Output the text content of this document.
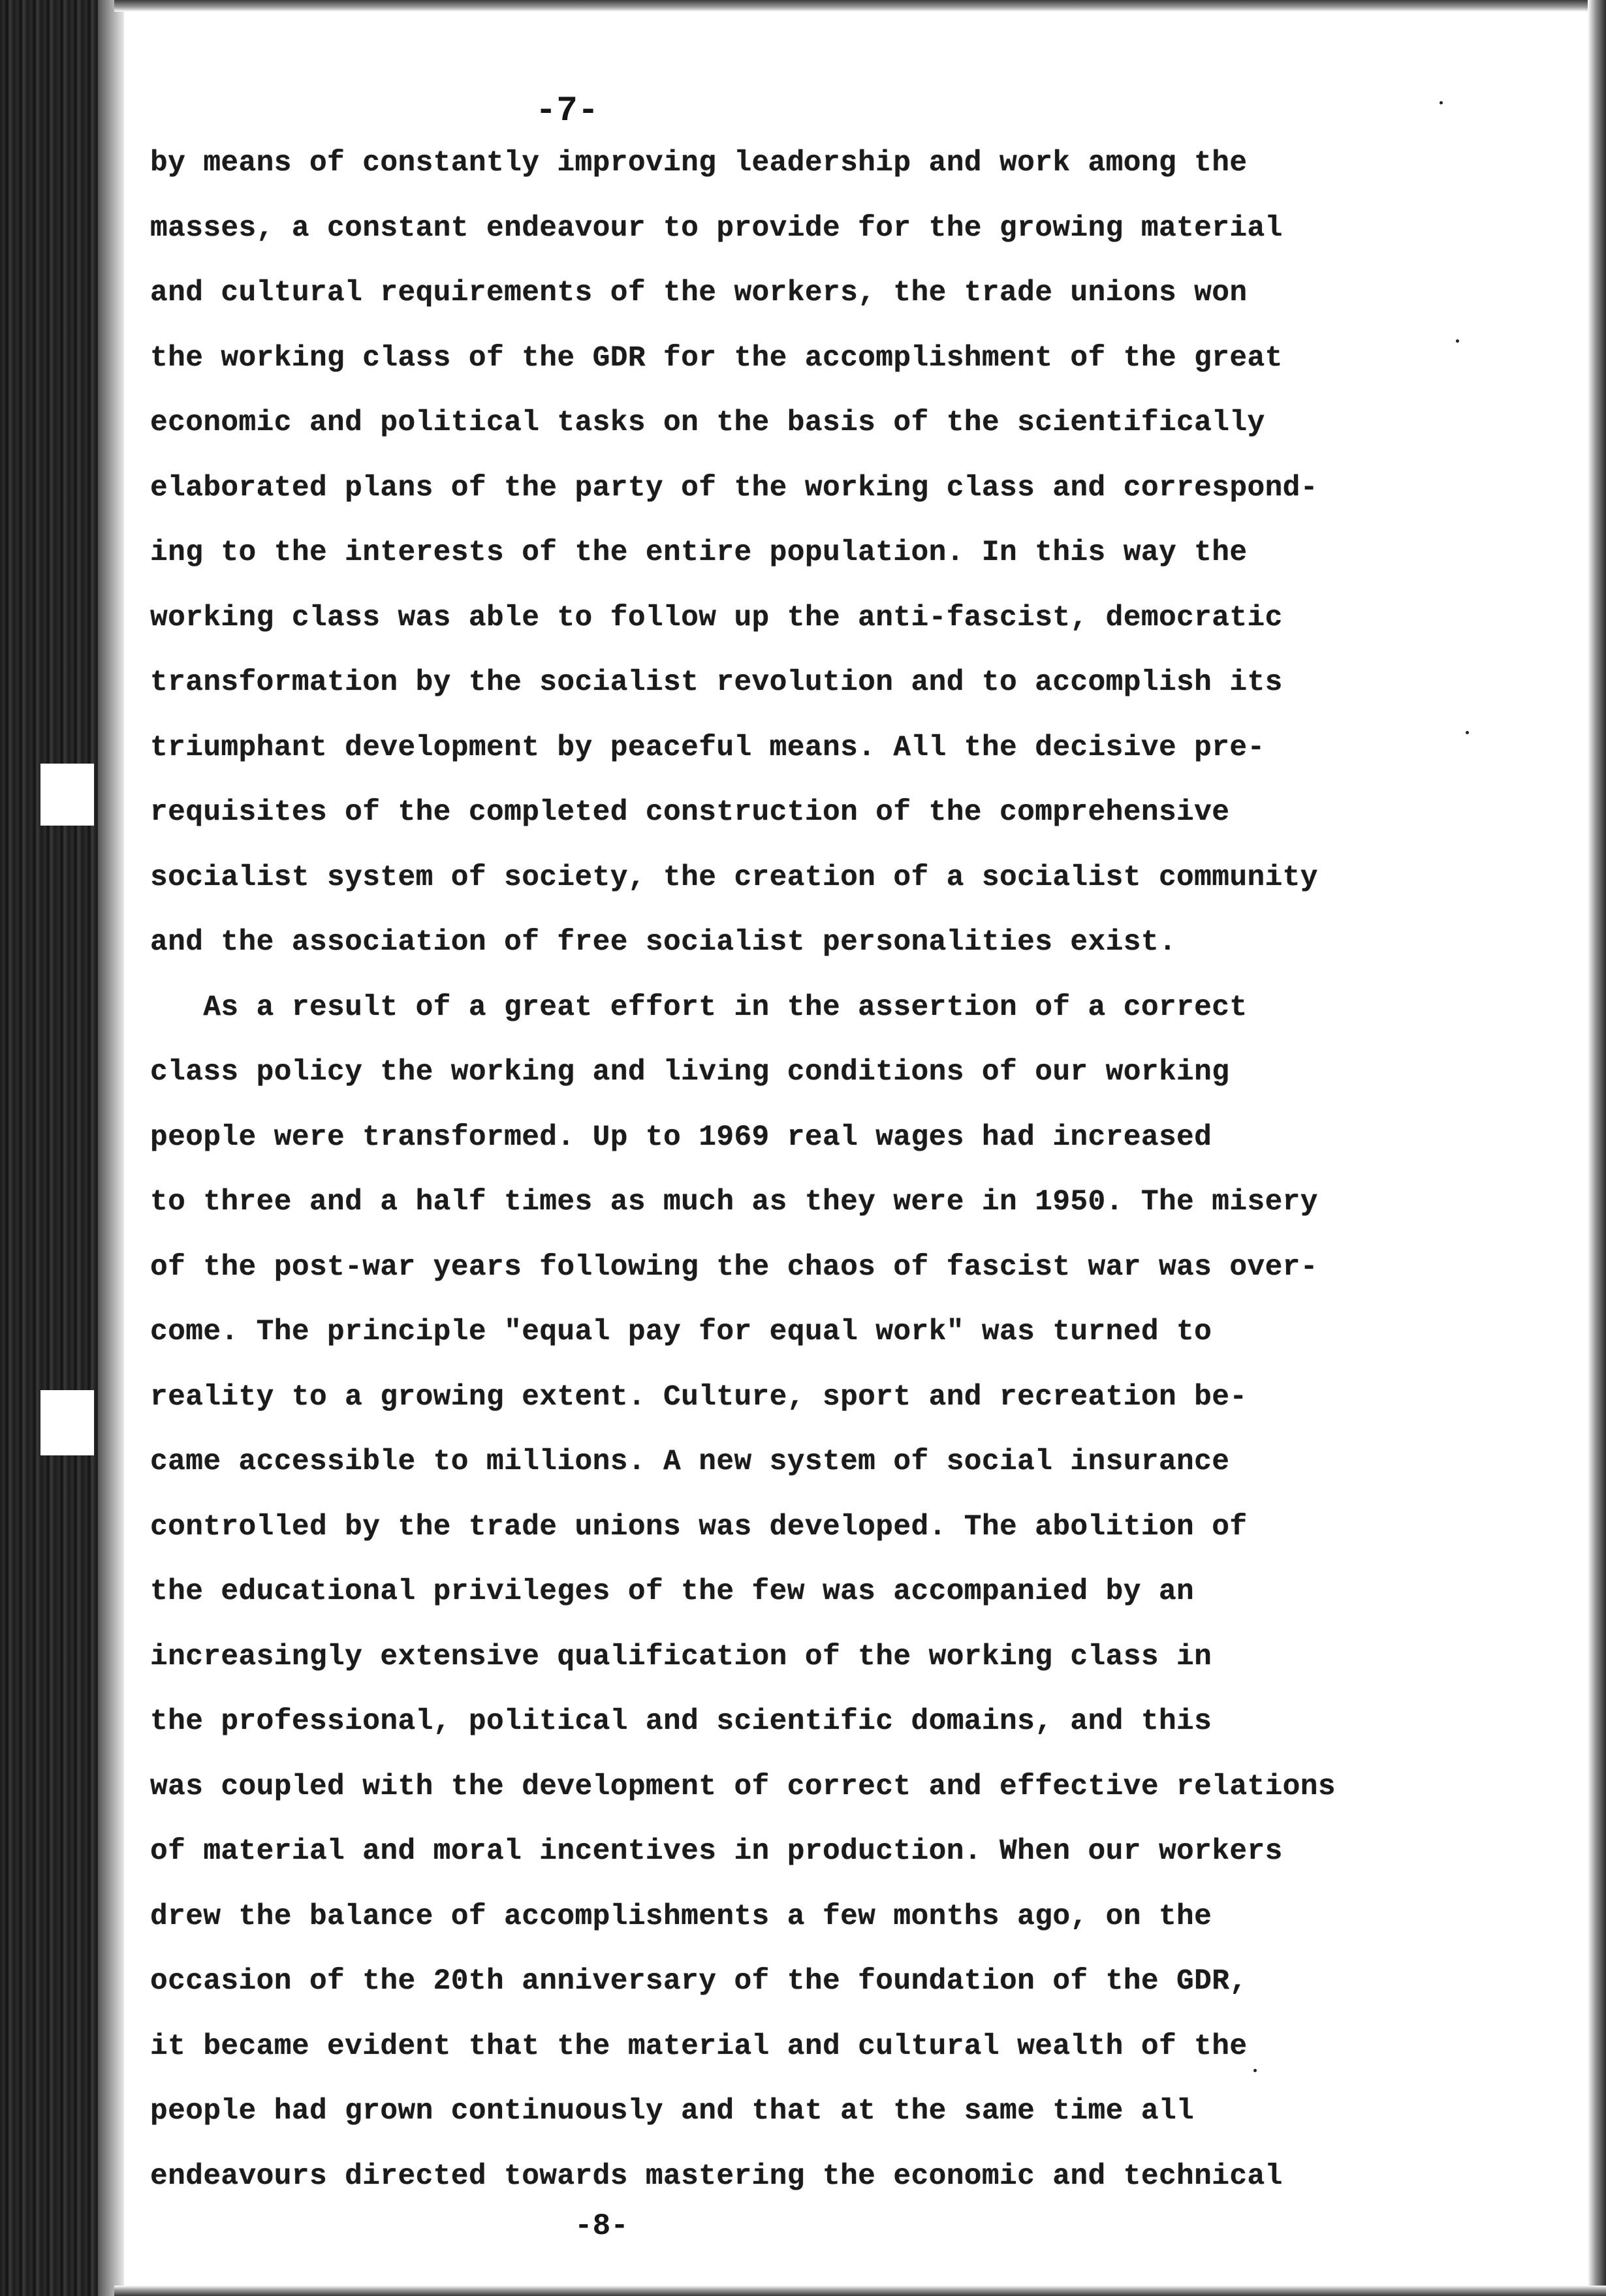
-7-
by means of constantly improving leadership and work among the
masses, a constant endeavour to provide for the growing material
and cultural requirements of the workers, the trade unions won
the working class of the GDR for the accomplishment of the great
economic and political tasks on the basis of the scientifically
elaborated plans of the party of the working class and correspond-
ing to the interests of the entire population. In this way the
working class was able to follow up the anti-fascist, democratic
transformation by the socialist revolution and to accomplish its
triumphant development by peaceful means. All the decisive pre-
requisites of the completed construction of the comprehensive
socialist system of society, the creation of a socialist community
and the association of free socialist personalities exist.
As a result of a great effort in the assertion of a correct
class policy the working and living conditions of our working
people were transformed. Up to 1969 real wages had increased
to three and a half times as much as they were in 1950. The misery
of the post-war years following the chaos of fascist war was over-
come. The principle "equal pay for equal work" was turned to
reality to a growing extent. Culture, sport and recreation be-
came accessible to millions. A new system of social insurance
controlled by the trade unions was developed. The abolition of
the educational privileges of the few was accompanied by an
increasingly extensive qualification of the working class in
the professional, political and scientific domains, and this
was coupled with the development of correct and effective relations
of material and moral incentives in production. When our workers
drew the balance of accomplishments a few months ago, on the
occasion of the 20th anniversary of the foundation of the GDR,
it became evident that the material and cultural wealth of the
people had grown continuously and that at the same time all
endeavours directed towards mastering the economic and technical
-8-
